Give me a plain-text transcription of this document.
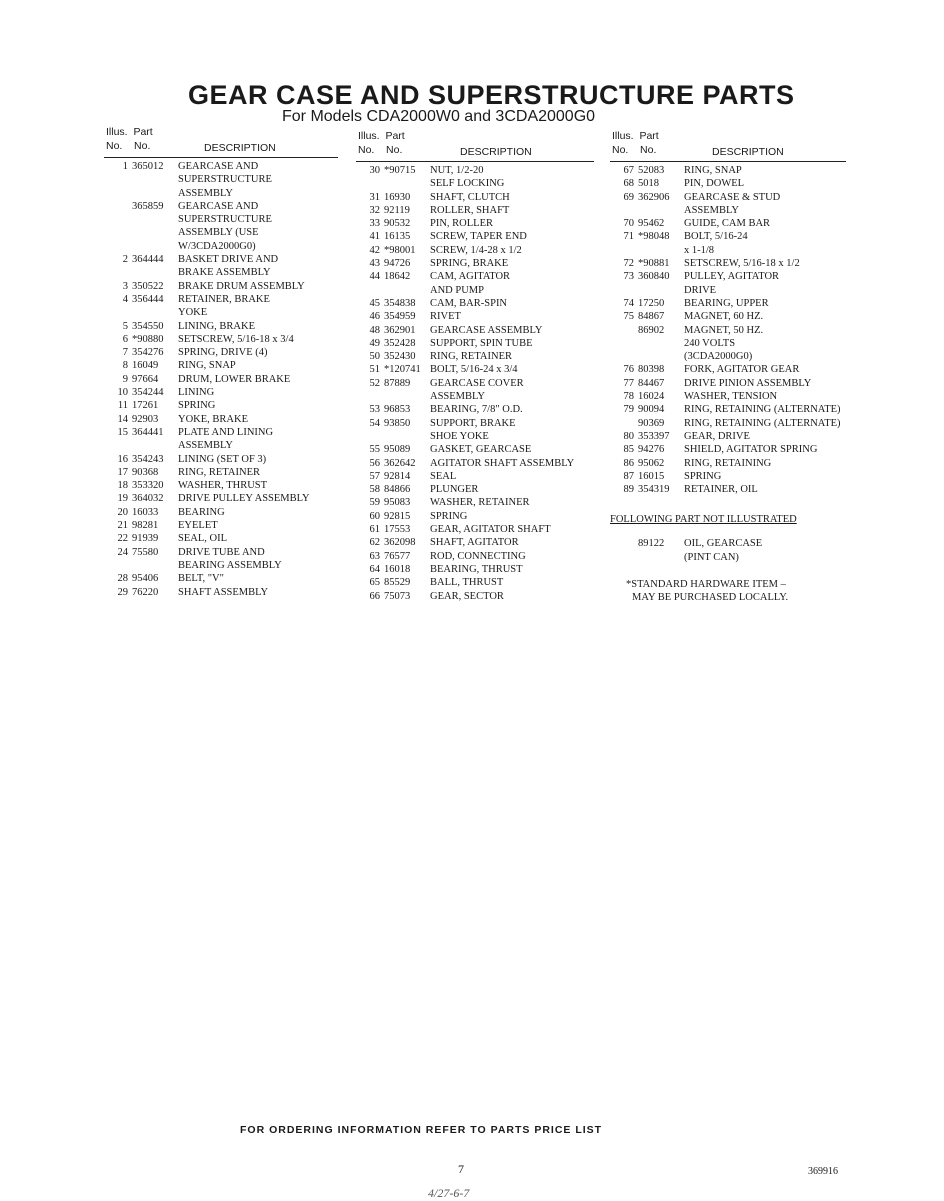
GEAR CASE AND SUPERSTRUCTURE PARTS
For Models CDA2000W0 and 3CDA2000G0
Illus. Part
No. No.	DESCRIPTION
1 365012	GEARCASE AND
SUPERSTRUCTURE
ASSEMBLY
365859	GEARCASE AND
SUPERSTRUCTURE
ASSEMBLY (USE
W/3CDA2000G0)
2 364444	BASKET DRIVE AND
BRAKE ASSEMBLY
3 350522	BRAKE DRUM ASSEMBLY
4 356444	RETAINER, BRAKE
YOKE
5 354550	LINING, BRAKE
6 *90880	SETSCREW, 5/16-18 x 3/4
7 354276	SPRING, DRIVE (4)
8 16049	RING, SNAP
9 97664	DRUM, LOWER BRAKE
10 354244	LINING
11 17261	SPRING
14 92903	YOKE, BRAKE
15 364441	PLATE AND LINING
ASSEMBLY
16 354243	LINING (SET OF 3)
17 90368	RING, RETAINER
18 353320	WASHER, THRUST
19 364032	DRIVE PULLEY ASSEMBLY
20 16033	BEARING
21 98281	EYELET
22 91939	SEAL, OIL
24 75580	DRIVE TUBE AND
BEARING ASSEMBLY
28 95406	BELT, "V"
29 76220	SHAFT ASSEMBLY
Illus. Part
No. No.	DESCRIPTION
30 *90715	NUT, 1/2-20
SELF LOCKING
31 16930	SHAFT, CLUTCH
32 92119	ROLLER, SHAFT
33 90532	PIN, ROLLER
41 16135	SCREW, TAPER END
42 *98001	SCREW, 1/4-28 x 1/2
43 94726	SPRING, BRAKE
44 18642	CAM, AGITATOR
AND PUMP
45 354838	CAM, BAR-SPIN
46 354959	RIVET
48 362901	GEARCASE ASSEMBLY
49 352428	SUPPORT, SPIN TUBE
50 352430	RING, RETAINER
51 *120741 BOLT, 5/16-24 x 3/4
52 87889	GEARCASE COVER
ASSEMBLY
53 96853	BEARING, 7/8" O.D.
54 93850	SUPPORT, BRAKE
SHOE YOKE
55 95089	GASKET, GEARCASE
56 362642	AGITATOR SHAFT ASSEMBLY
57 92814	SEAL
58 84866	PLUNGER
59 95083	WASHER, RETAINER
60 92815	SPRING
61 17553	GEAR, AGITATOR SHAFT
62 362098	SHAFT, AGITATOR
63 76577	ROD, CONNECTING
64 16018	BEARING, THRUST
65 85529	BALL, THRUST
66 75073	GEAR, SECTOR
Illus. Part
No. No.	DESCRIPTION
67 52083	RING, SNAP
68 5018	PIN, DOWEL
69 362906	GEARCASE & STUD
ASSEMBLY
70 95462	GUIDE, CAM BAR
71 *98048	BOLT, 5/16-24
x 1-1/8
72 *90881	SETSCREW, 5/16-18 x 1/2
73 360840	PULLEY, AGITATOR
DRIVE
74 17250	BEARING, UPPER
75 84867	MAGNET, 60 HZ.
86902	MAGNET, 50 HZ.
240 VOLTS
(3CDA2000G0)
76 80398	FORK, AGITATOR GEAR
77 84467	DRIVE PINION ASSEMBLY
78 16024	WASHER, TENSION
79 90094	RING, RETAINING (ALTERNATE)
90369	RING, RETAINING (ALTERNATE)
80 353397	GEAR, DRIVE
85 94276	SHIELD, AGITATOR SPRING
86 95062	RING, RETAINING
87 16015	SPRING
89 354319	RETAINER, OIL
FOLLOWING PART NOT ILLUSTRATED
89122	OIL, GEARCASE
(PINT CAN)
*STANDARD HARDWARE ITEM –
MAY BE PURCHASED LOCALLY.
FOR ORDERING INFORMATION REFER TO PARTS PRICE LIST
7	369916
4/27-6-7
